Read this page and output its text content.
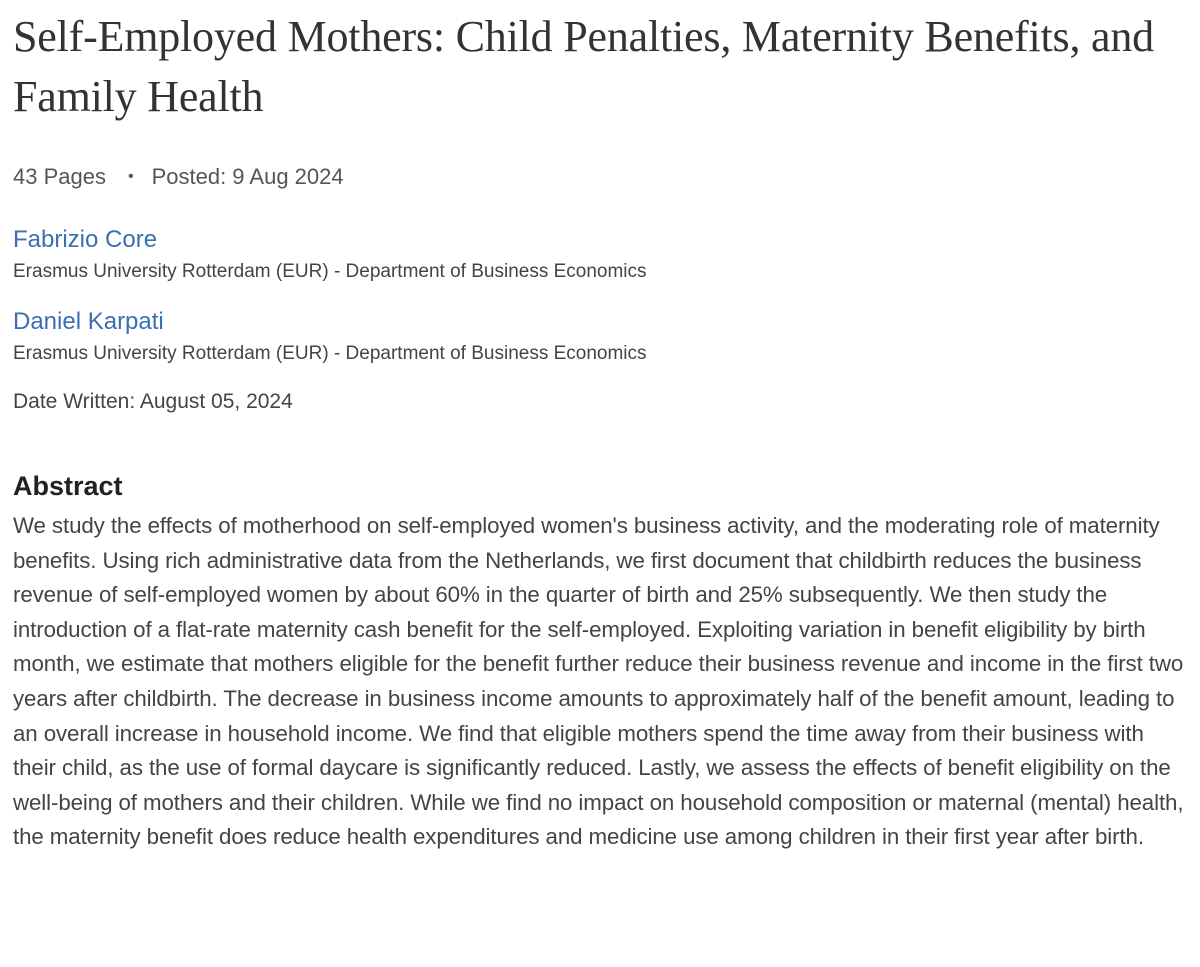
Self-Employed Mothers: Child Penalties, Maternity Benefits, and Family Health
43 Pages • Posted: 9 Aug 2024
Fabrizio Core
Erasmus University Rotterdam (EUR) - Department of Business Economics
Daniel Karpati
Erasmus University Rotterdam (EUR) - Department of Business Economics
Date Written: August 05, 2024
Abstract
We study the effects of motherhood on self-employed women's business activity, and the moderating role of maternity benefits. Using rich administrative data from the Netherlands, we first document that childbirth reduces the business revenue of self-employed women by about 60% in the quarter of birth and 25% subsequently. We then study the introduction of a flat-rate maternity cash benefit for the self-employed. Exploiting variation in benefit eligibility by birth month, we estimate that mothers eligible for the benefit further reduce their business revenue and income in the first two years after childbirth. The decrease in business income amounts to approximately half of the benefit amount, leading to an overall increase in household income. We find that eligible mothers spend the time away from their business with their child, as the use of formal daycare is significantly reduced. Lastly, we assess the effects of benefit eligibility on the well-being of mothers and their children. While we find no impact on household composition or maternal (mental) health, the maternity benefit does reduce health expenditures and medicine use among children in their first year after birth.
